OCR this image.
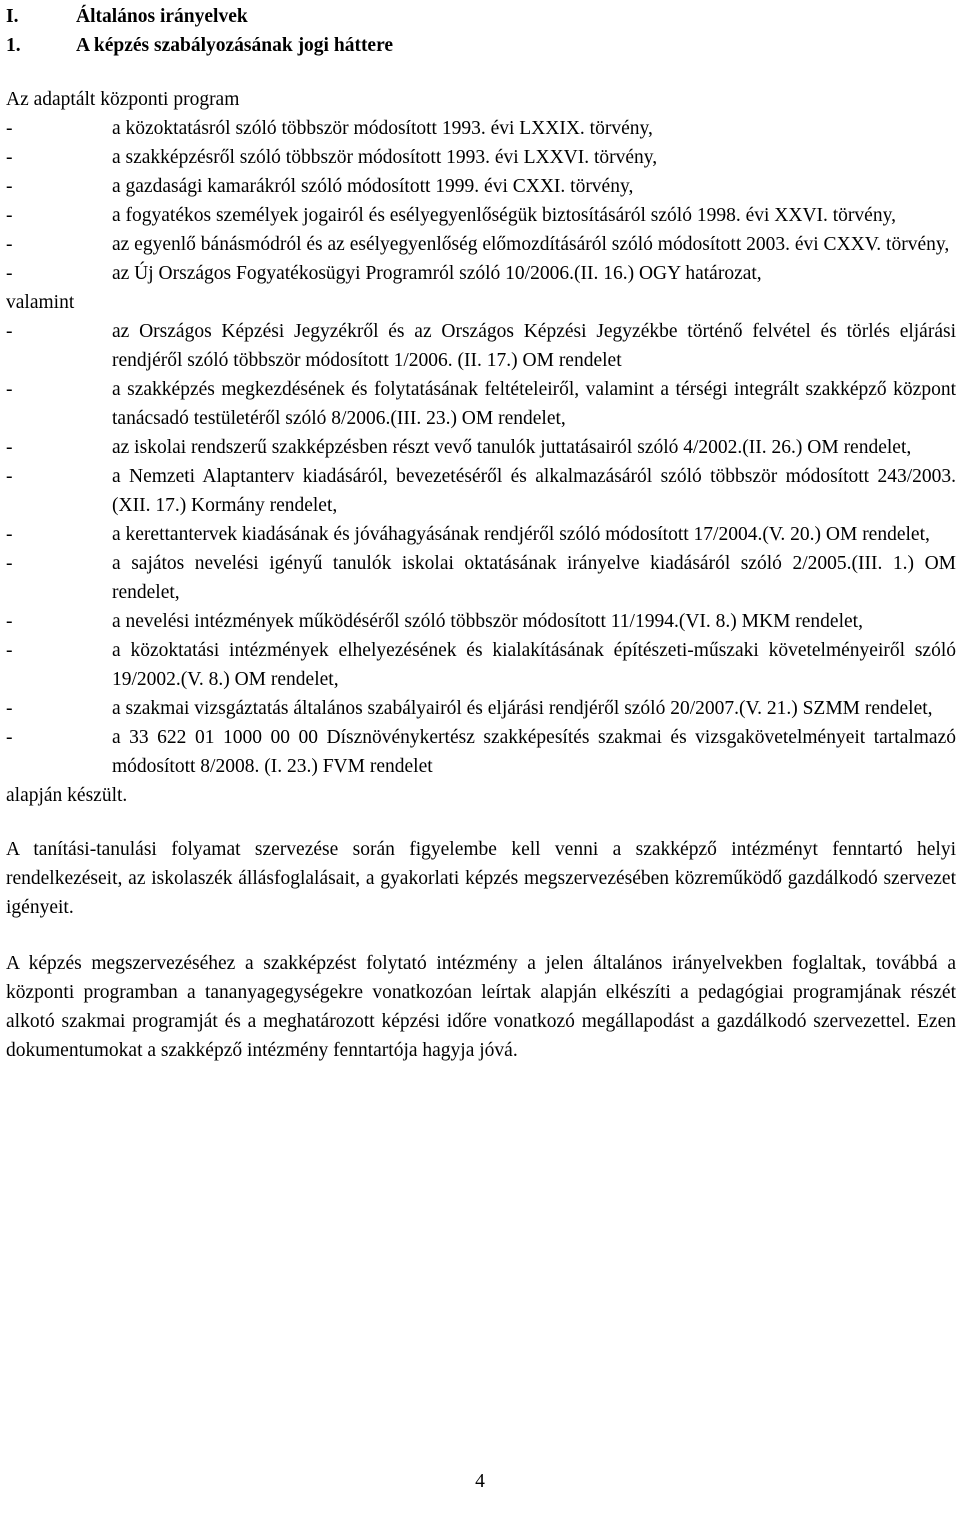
I.	Általános irányelvek
1.	A képzés szabályozásának jogi háttere
Az adaptált központi program
-	a közoktatásról szóló többször módosított 1993. évi LXXIX. törvény,
-	a szakképzésről szóló többször módosított 1993. évi LXXVI. törvény,
-	a gazdasági kamarákról szóló módosított 1999. évi CXXI. törvény,
-	a fogyatékos személyek jogairól és esélyegyenlőségük biztosításáról szóló 1998. évi XXVI. törvény,
-	az egyenlő bánásmódról és az esélyegyenlőség előmozdításáról szóló módosított 2003. évi CXXV. törvény,
-	az Új Országos Fogyatékosügyi Programról szóló 10/2006.(II. 16.) OGY határozat,
valamint
-	az Országos Képzési Jegyzékről és az Országos Képzési Jegyzékbe történő felvétel és törlés eljárási rendjéről szóló többször módosított 1/2006. (II. 17.) OM rendelet
-	a szakképzés megkezdésének és folytatásának feltételeiről, valamint a térségi integrált szakképző központ tanácsadó testületéről szóló 8/2006.(III. 23.) OM rendelet,
-	az iskolai rendszerű szakképzésben részt vevő tanulók juttatásairól szóló 4/2002.(II. 26.) OM rendelet,
-	a Nemzeti Alaptanterv kiadásáról, bevezetéséről és alkalmazásáról szóló többször módosított 243/2003.(XII. 17.) Kormány rendelet,
-	a kerettantervek kiadásának és jóváhagyásának rendjéről szóló módosított 17/2004.(V. 20.) OM rendelet,
-	a sajátos nevelési igényű tanulók iskolai oktatásának irányelve kiadásáról szóló 2/2005.(III. 1.) OM rendelet,
-	a nevelési intézmények működéséről szóló többször módosított 11/1994.(VI. 8.) MKM rendelet,
-	a közoktatási intézmények elhelyezésének és kialakításának építészeti-műszaki követelményeiről szóló 19/2002.(V. 8.) OM rendelet,
-	a szakmai vizsgáztatás általános szabályairól és eljárási rendjéről szóló 20/2007.(V. 21.) SZMM rendelet,
-	a 33 622 01 1000 00 00 Dísznövénykertész szakképesítés szakmai és vizsgakövetelményeit tartalmazó módosított 8/2008. (I. 23.) FVM rendelet
alapján készült.

A tanítási-tanulási folyamat szervezése során figyelembe kell venni a szakképző intézményt fenntartó helyi rendelkezéseit, az iskolaszék állásfoglalásait, a gyakorlati képzés megszervezésében közreműködő gazdálkodó szervezet igényeit.

A képzés megszervezéséhez a szakképzést folytató intézmény a jelen általános irányelvekben foglaltak, továbbá a központi programban a tananyagegységekre vonatkozóan leírtak alapján elkészíti a pedagógiai programjának részét alkotó szakmai programját és a meghatározott képzési időre vonatkozó megállapodást a gazdálkodó szervezettel. Ezen dokumentumokat a szakképző intézmény fenntartója hagyja jóvá.

4
